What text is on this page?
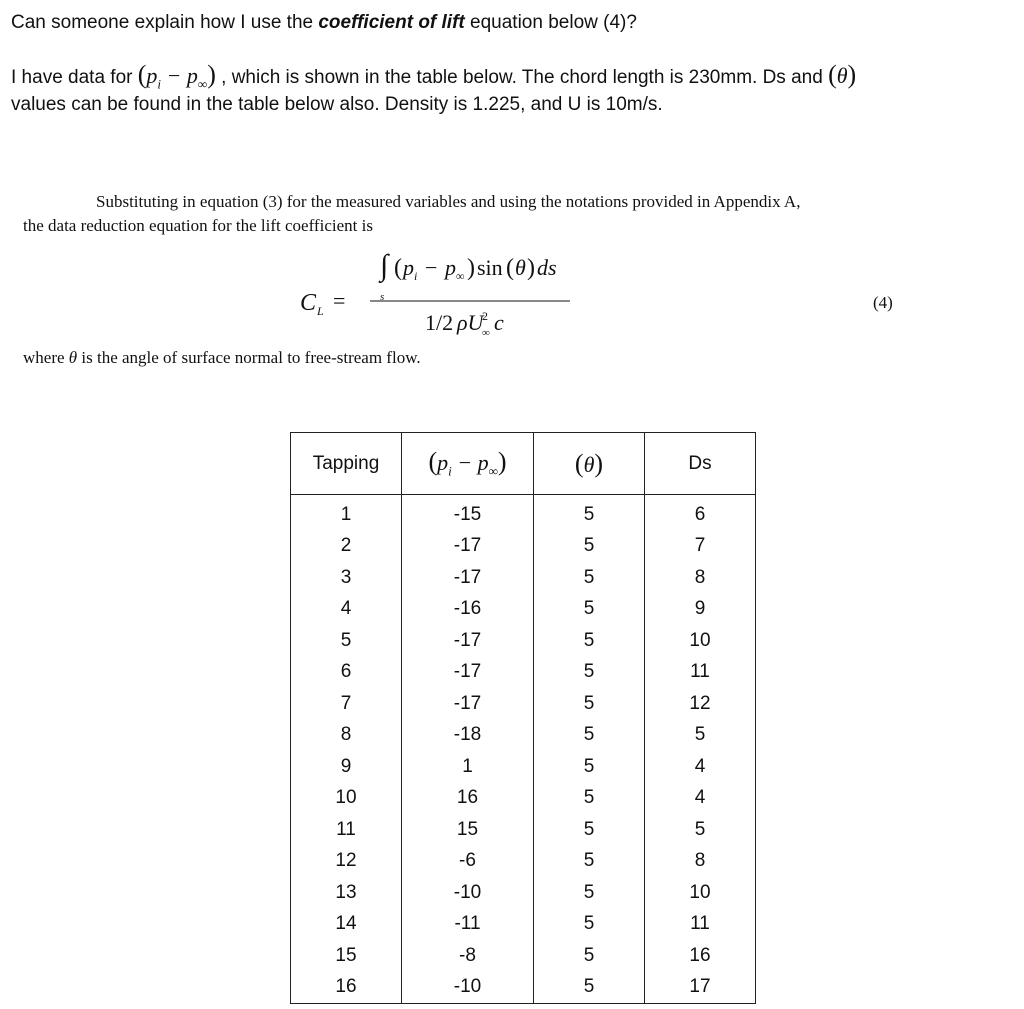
Can someone explain how I use the coefficient of lift equation below (4)?
I have data for $(p_i - p_\infty)$ , which is shown in the table below. The chord length is 230mm. Ds and (θ)
values can be found in the table below also. Density is 1.225, and U is 10m/s.
Substituting in equation (3) for the measured variables and using the notations provided in Appendix A,
the data reduction equation for the lift coefficient is
C L =
∫
s
( p i − p ∞ ) sin ( θ ) ds
1/2 ρU
2
∞ c
(4)
where θ is the angle of surface normal to free-stream flow.
Tapping	$(p_i - p_\infty)$	(θ)	Ds
1	-15	5	6
2	-17	5	7
3	-17	5	8
4	-16	5	9
5	-17	5	10
6	-17	5	11
7	-17	5	12
8	-18	5	5
9	1	5	4
10	16	5	4
11	15	5	5
12	-6	5	8
13	-10	5	10
14	-11	5	11
15	-8	5	16
16	-10	5	17
